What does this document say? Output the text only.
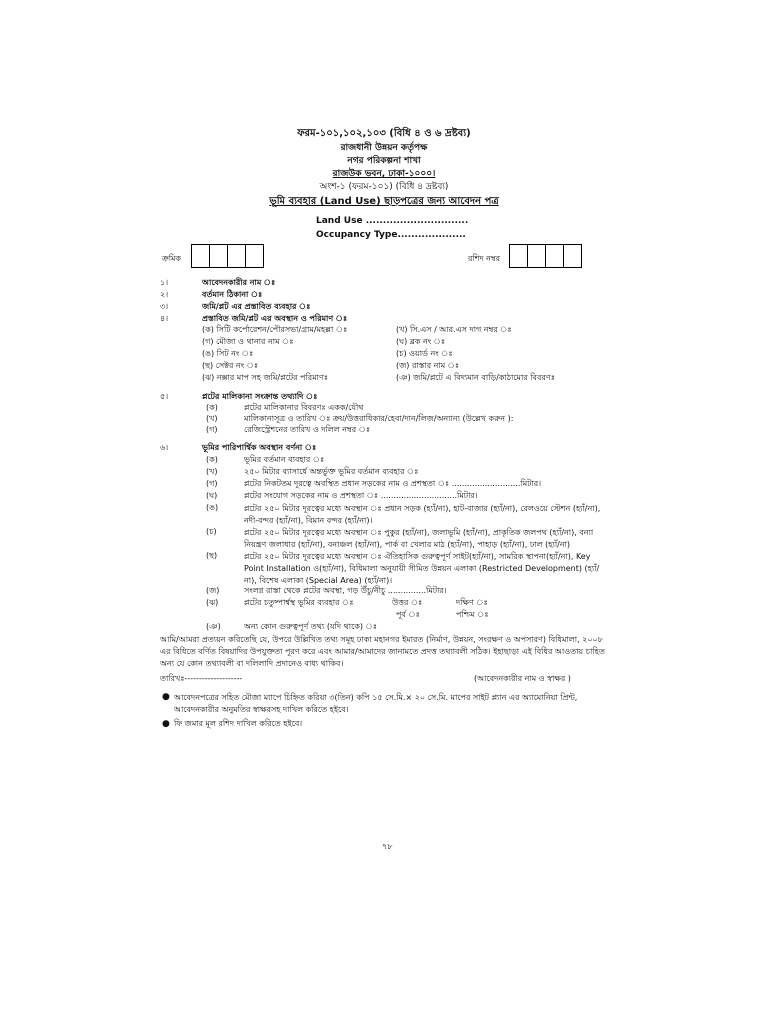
ফরম-১০১,১০২,১০৩ (বিধি ৪ ও ৬ দ্রষ্টব্য)
রাজধানী উন্নয়ন কর্তৃপক্ষ
নগর পরিকল্পনা শাখা
রাজউক ভবন, ঢাকা-১০০০।
অংশ-১ (ফরম-১০১) (বিধি ৪ দ্রষ্টব্য)
ভূমি ব্যবহার (Land Use) ছাড়পত্রের জন্য আবেদন পত্র
Land Use ..............................
Occupancy Type....................
ক্রমিক	রশিদ নম্বর
১।	আবেদনকারীর নাম ঃ
২।	বর্তমান ঠিকানা ঃ
৩।	জমি/প্লট এর প্রস্তাবিত ব্যবহার ঃ
৪।	প্রস্তাবিত জমি/প্লট এর অবস্থান ও পরিমাণ ঃ
(ক) সিটি কর্পোরেশন/পৌরসভা/গ্রাম/মহল্লা ঃ	(খ) সি.এস / আর.এস দাগ নম্বর ঃ
(গ) মৌজা ও থানার নাম ঃ	(ঘ) ব্লক নং ঃ
(ঙ) সিট নং ঃ	(চ) ওয়ার্ড নং ঃ
(ছ) সেক্টর নং ঃ	(জ) রাস্তার নাম ঃ
(ঝ) নক্সার মাপ সহ জমি/প্লটের পরিমাণঃ	(ঞ) জমি/প্লটে এ বিদ্যমান বাড়ি/কাঠামোর বিবরণঃ
৫।	প্লটের মালিকানা সংক্রান্ত তথ্যাদি ঃ
(ক)	প্লটের মালিকানার বিবরণঃ একক/যৌথ
(খ)	মালিকানাসূত্র ও তারিখ ঃ ক্রয়/উত্তরাধিকার/হেবা/দান/লিজ/অন্যান্য (উল্লেখ করুন ):
(গ)	রেজিস্ট্রেশনের তারিখ ও দলিল নম্বর ঃ
৬।	ভূমির পারিপার্শ্বিক অবস্থান বর্ণনা ঃ
(ক)	ভূমির বর্তমান ব্যবহার ঃ
(খ)	২৫০ মিটার ব্যাসার্ধে অন্তর্ভুক্ত ভূমির বর্তমান ব্যবহার ঃ
(গ)	প্লটের নিকটতম দূরত্বে অবস্থিত প্রধান সড়কের নাম ও প্রশস্থতা ঃ ...........................মিটার।
(ঘ)	প্লটের সংযোগ সড়কের নাম ও প্রশস্থতা ঃ ..............................মিটার।
(ঙ)	প্লটের ২৫০ মিটার দূরত্বের মধ্যে অবস্থান ঃ প্রধান সড়ক (হ্যাঁ/না), হাট-বাজার (হ্যাঁ/না), রেলওয়ে স্টেশন (হ্যাঁ/না), নদী-বন্দর (হ্যাঁ/না), বিমান বন্দর (হ্যাঁ/না)।
(চ)	প্লটের ২৫০ মিটার দূরত্বের মধ্যে অবস্থান ঃ পুকুর (হ্যাঁ/না), জলাভূমি (হ্যাঁ/না), প্রাকৃতিক জলপথ (হ্যাঁ/না), বন্যা নিয়ন্ত্রণ জলাধার (হ্যাঁ/না), বনাঞ্চল (হ্যাঁ/না), পার্ক বা খেলার মাঠ (হ্যাঁ/না), পাহাড় (হ্যাঁ/না), ঢাল (হ্যাঁ/না)
(ছ)	প্লটের ২৫০ মিটার দূরত্বের মধ্যে অবস্থান ঃ ঐতিহাসিক গুরুত্বপূর্ণ সাইট(হ্যাঁ/না), সামরিক স্থাপনা(হ্যাঁ/না), Key Point Installation ও(হ্যাঁ/না), বিধিমালা অনুযায়ী সীমিত উন্নয়ন এলাকা (Restricted Development) (হ্যাঁ/না), বিশেষ এলাকা (Special Area) (হ্যাঁ/না)।
(জ)	সংলগ্ন রাস্তা থেকে প্লটের অবস্থা, গড় উঁচু/নীচু ...............মিটার।
(ঝ)	প্লটের চতুষ্পার্শ্বস্থ ভূমির ব্যবহার ঃ	উত্তর ঃ	দক্ষিণ ঃ
পূর্ব ঃ	পশ্চিম ঃ
(ঞ)	অন্য কোন গুরুত্বপূর্ণ তথ্য (যদি থাকে) ঃ
আমি/আমরা প্রত্যয়ন করিতেছি যে, উপরে উল্লিখিত তথ্য সমূহ ঢাকা মহানগর ইমারত (নির্মাণ, উন্নয়ন, সংরক্ষণ ও অপসারণ) বিধিমালা, ২০০৮ এর বিধিতে বর্ণিত বিষয়াদির উপযুক্ততা পূরণ করে এবং আমার/আমাদের জানামতে প্রদত্ত তথ্যাবলী সঠিক। ইহাছাড়া এই বিধির আওতায় চাহিত অন্য যে কোন তথ্যাবলী বা দলিলাদি প্রদানেও বাধ্য থাকিব।
তারিখঃ--------------------	(আবেদনকারীর নাম ও স্বাক্ষর )
● আবেদনপত্রের সহিত মৌজা ম্যাপে চিহ্নিত করিয়া ৩(তিন) কপি ১৫ সে.মি.× ২০ সে.মি. মাপের সাইট প্ল্যান এর অ্যামোনিয়া প্রিন্ট, আবেদনকারীর অনুমতির স্বাক্ষরসহ দাখিল করিতে হইবে।
● ফি জমার মূল রশিদ দাখিল করিতে হইবে।
৭৮
